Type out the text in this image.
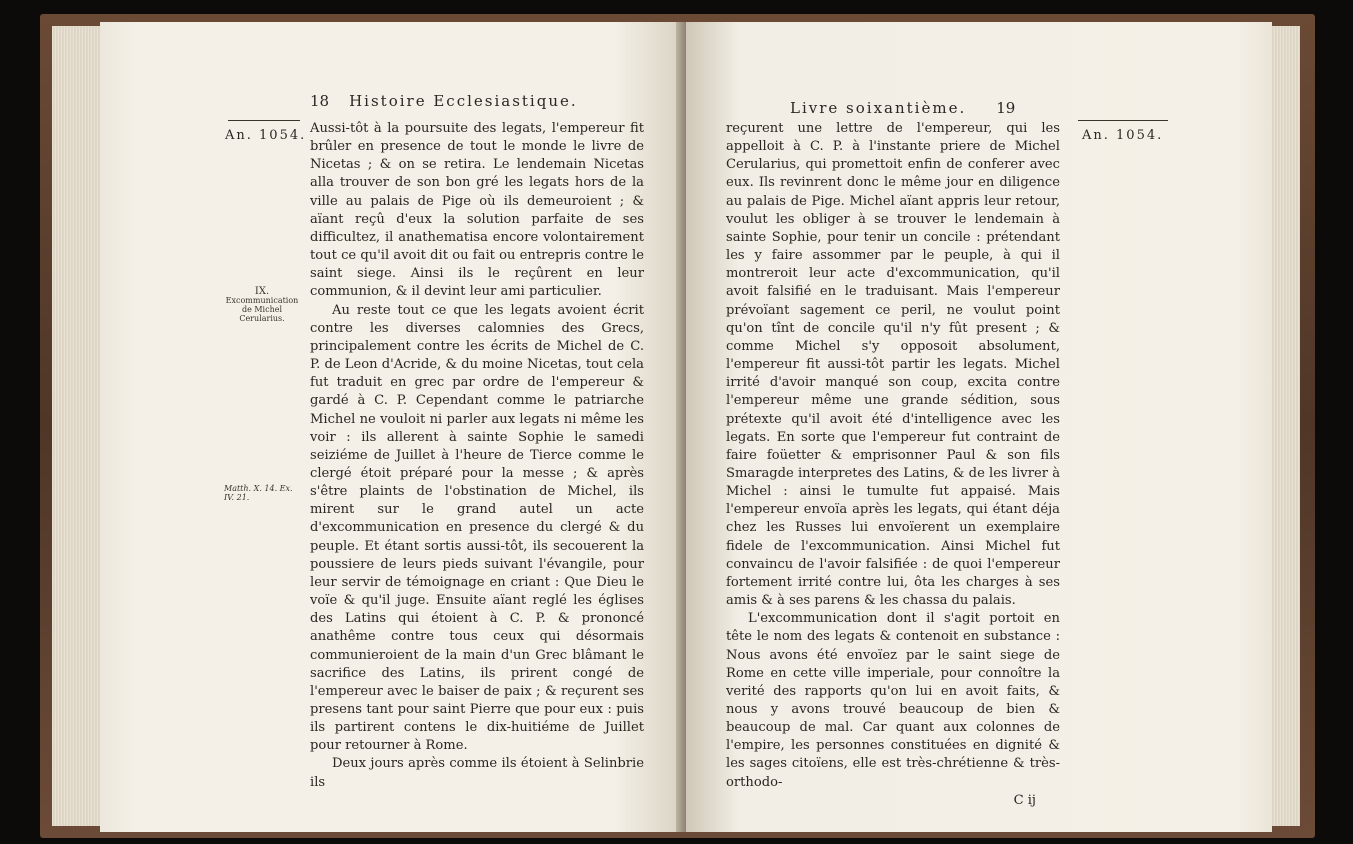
18 Histoire Ecclesiastique.
An. 1054.
IX.
Excommunication de Michel Cerularius.
Matth. X. 14. Ex. IV. 21.

Aussi-tôt à la poursuite des legats, l'empereur fit brûler en presence de tout le monde le livre de Nicetas ; & on se retira. Le lendemain Nicetas alla trouver de son bon gré les legats hors de la ville au palais de Pige où ils demeuroient ; & aïant reçû d'eux la solution parfaite de ses difficultez, il anathematisa encore volontairement tout ce qu'il avoit dit ou fait ou entrepris contre le saint siege. Ainsi ils le reçûrent en leur communion, & il devint leur ami particulier.

Au reste tout ce que les legats avoient écrit contre les diverses calomnies des Grecs, principalement contre les écrits de Michel de C. P. de Leon d'Acride, & du moine Nicetas, tout cela fut traduit en grec par ordre de l'empereur & gardé à C. P. Cependant comme le patriarche Michel ne vouloit ni parler aux legats ni même les voir : ils allerent à sainte Sophie le samedi seiziéme de Juillet à l'heure de Tierce comme le clergé étoit préparé pour la messe ; & après s'être plaints de l'obstination de Michel, ils mirent sur le grand autel un acte d'excommunication en presence du clergé & du peuple. Et étant sortis aussi-tôt, ils secouerent la poussiere de leurs pieds suivant l'évangile, pour leur servir de témoignage en criant : Que Dieu le voïe & qu'il juge. Ensuite aïant reglé les églises des Latins qui étoient à C. P. & prononcé anathême contre tous ceux qui désormais communieroient de la main d'un Grec blâmant le sacrifice des Latins, ils prirent congé de l'empereur avec le baiser de paix ; & reçurent ses presens tant pour saint Pierre que pour eux : puis ils partirent contens le dix-huitiéme de Juillet pour retourner à Rome.

Deux jours après comme ils étoient à Selinbrie ils

Livre soixantième. 19
An. 1054.

reçurent une lettre de l'empereur, qui les appelloit à C. P. à l'instante priere de Michel Cerularius, qui promettoit enfin de conferer avec eux. Ils revinrent donc le même jour en diligence au palais de Pige. Michel aïant appris leur retour, voulut les obliger à se trouver le lendemain à sainte Sophie, pour tenir un concile : prétendant les y faire assommer par le peuple, à qui il montreroit leur acte d'excommunication, qu'il avoit falsifié en le traduisant. Mais l'empereur prévoïant sagement ce peril, ne voulut point qu'on tînt de concile qu'il n'y fût present ; & comme Michel s'y opposoit absolument, l'empereur fit aussi-tôt partir les legats. Michel irrité d'avoir manqué son coup, excita contre l'empereur même une grande sédition, sous prétexte qu'il avoit été d'intelligence avec les legats. En sorte que l'empereur fut contraint de faire foüetter & emprisonner Paul & son fils Smaragde interpretes des Latins, & de les livrer à Michel : ainsi le tumulte fut appaisé. Mais l'empereur envoïa après les legats, qui étant déja chez les Russes lui envoïerent un exemplaire fidele de l'excommunication. Ainsi Michel fut convaincu de l'avoir falsifiée : de quoi l'empereur fortement irrité contre lui, ôta les charges à ses amis & à ses parens & les chassa du palais.

L'excommunication dont il s'agit portoit en tête le nom des legats & contenoit en substance : Nous avons été envoïez par le saint siege de Rome en cette ville imperiale, pour connoître la verité des rapports qu'on lui en avoit faits, & nous y avons trouvé beaucoup de bien & beaucoup de mal. Car quant aux colonnes de l'empire, les personnes constituées en dignité & les sages citoïens, elle est très-chrétienne & très-orthodo-

C ij
